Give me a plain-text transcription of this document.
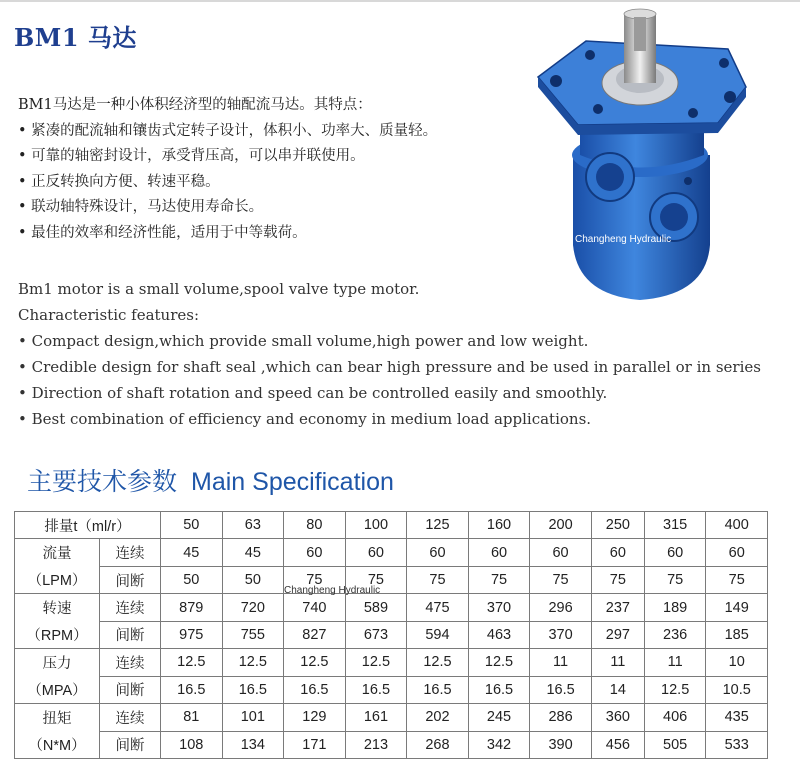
BM1 马达
BM1马达是一种小体积经济型的轴配流马达。其特点：
• 紧凑的配流轴和镶齿式定转子设计，体积小、功率大、质量轻。
• 可靠的轴密封设计，承受背压高，可以串并联使用。
• 正反转换向方便、转速平稳。
• 联动轴特殊设计，马达使用寿命长。
• 最佳的效率和经济性能，适用于中等载荷。
Bm1 motor is a small volume,spool valve type motor.
Characteristic features:
• Compact design,which provide small volume,high power and low weight.
• Credible design for shaft seal ,which can bear high pressure and be used in parallel or in series
• Direction of shaft rotation and speed can be controlled easily and smoothly.
• Best combination of efficiency and economy in medium load applications.
Changheng Hydraulic
主要技术参数 Main Specification
排量t（ml/r）		50	63	80	100	125	160	200	250	315	400
流量	连续	45	45	60	60	60	60	60	60	60	60
（LPM）	间断	50	50	75	75	75	75	75	75	75	75
转速	连续	879	720	740	589	475	370	296	237	189	149
（RPM）	间断	975	755	827	673	594	463	370	297	236	185
压力	连续	12.5	12.5	12.5	12.5	12.5	12.5	11	11	11	10
（MPA）	间断	16.5	16.5	16.5	16.5	16.5	16.5	16.5	14	12.5	10.5
扭矩	连续	81	101	129	161	202	245	286	360	406	435
（N*M）	间断	108	134	171	213	268	342	390	456	505	533
Changheng Hydraulic
